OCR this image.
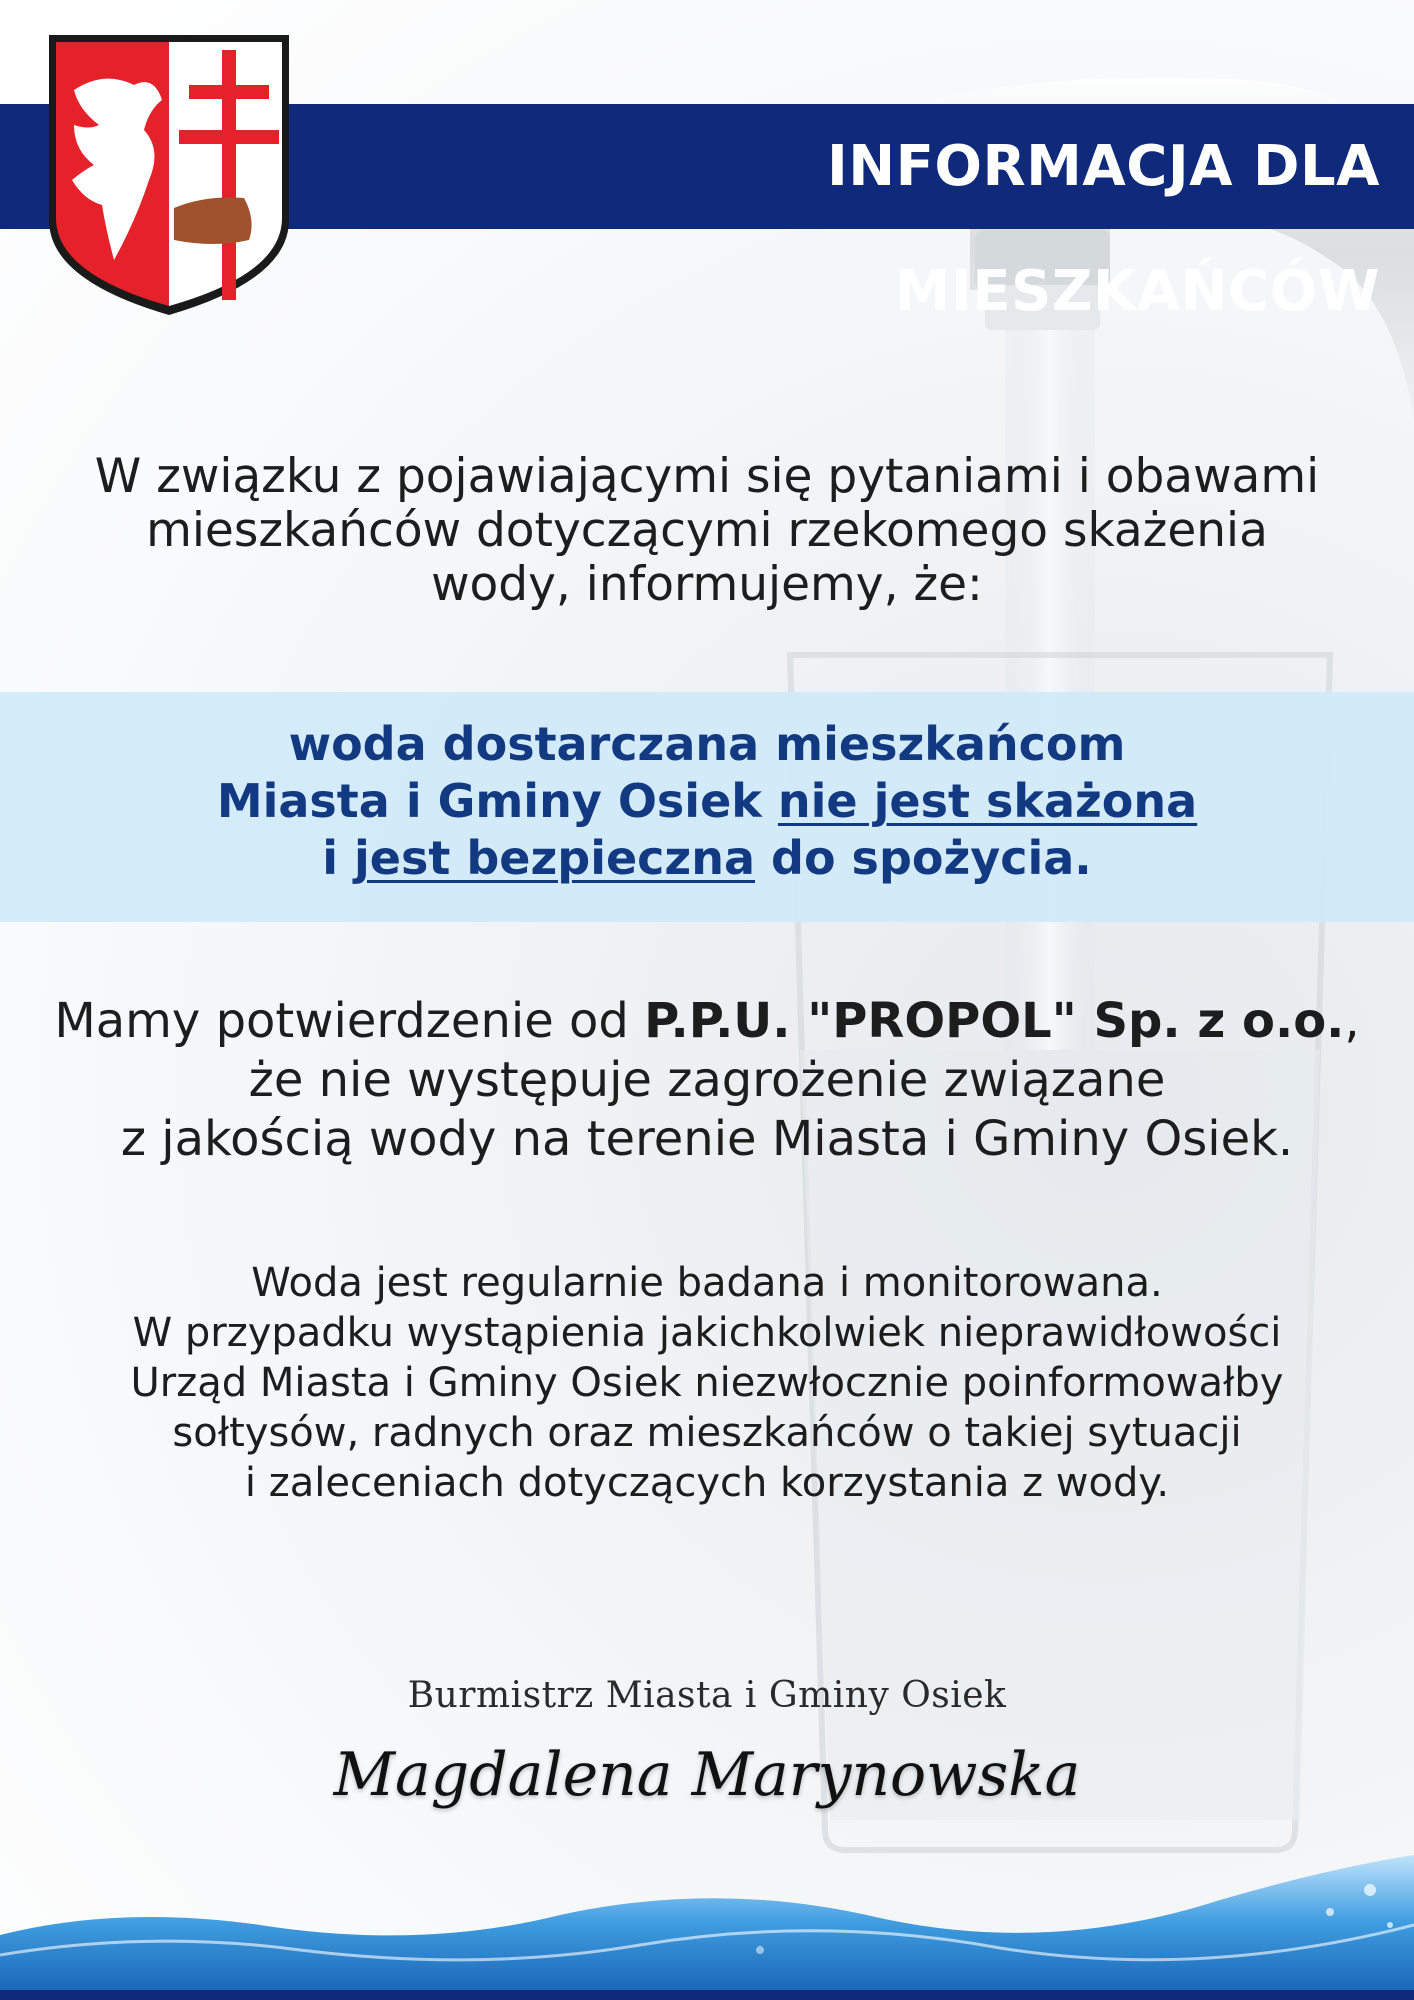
INFORMACJA DLA MIESZKAŃCÓW

W związku z pojawiającymi się pytaniami i obawami

mieszkańców dotyczącymi rzekomego skażenia

wody, informujemy, że:

woda dostarczana mieszkańcom

Miasta i Gminy Osiek nie jest skażona

i jest bezpieczna do spożycia.

Mamy potwierdzenie od P.P.U. "PROPOL" Sp. z o.o.,

że nie występuje zagrożenie związane

z jakością wody na terenie Miasta i Gminy Osiek.

Woda jest regularnie badana i monitorowana.

W przypadku wystąpienia jakichkolwiek nieprawidłowości

Urząd Miasta i Gminy Osiek niezwłocznie poinformowałby

sołtysów, radnych oraz mieszkańców o takiej sytuacji

i zaleceniach dotyczących korzystania z wody.

Burmistrz Miasta i Gminy Osiek
Magdalena Marynowska
